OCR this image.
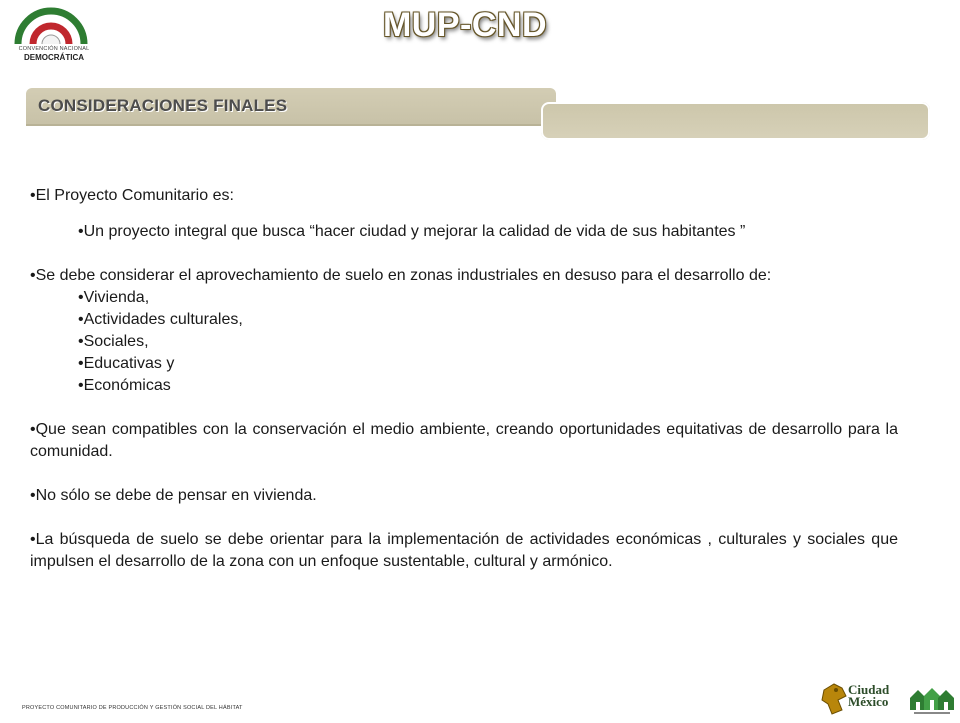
CONVENCIÓN NACIONAL
DEMOCRÁTICA
MUP-CND
CONSIDERACIONES FINALES

•El Proyecto Comunitario es:

•Un proyecto integral que busca “hacer ciudad y mejorar la calidad de vida de sus habitantes ”

•Se debe considerar el aprovechamiento de suelo en zonas industriales en desuso para el desarrollo de:

•Vivienda,

•Actividades culturales,

•Sociales,

•Educativas y

•Económicas

•Que sean compatibles con la conservación el medio ambiente, creando oportunidades equitativas de desarrollo para la comunidad.

•No sólo se debe de pensar en vivienda.

•La búsqueda de suelo se debe orientar para la implementación de actividades económicas , culturales y sociales que impulsen el desarrollo de la zona con un enfoque sustentable, cultural y armónico.

PROYECTO COMUNITARIO DE PRODUCCIÓN Y GESTIÓN SOCIAL DEL HÁBITAT
Ciudad
México
